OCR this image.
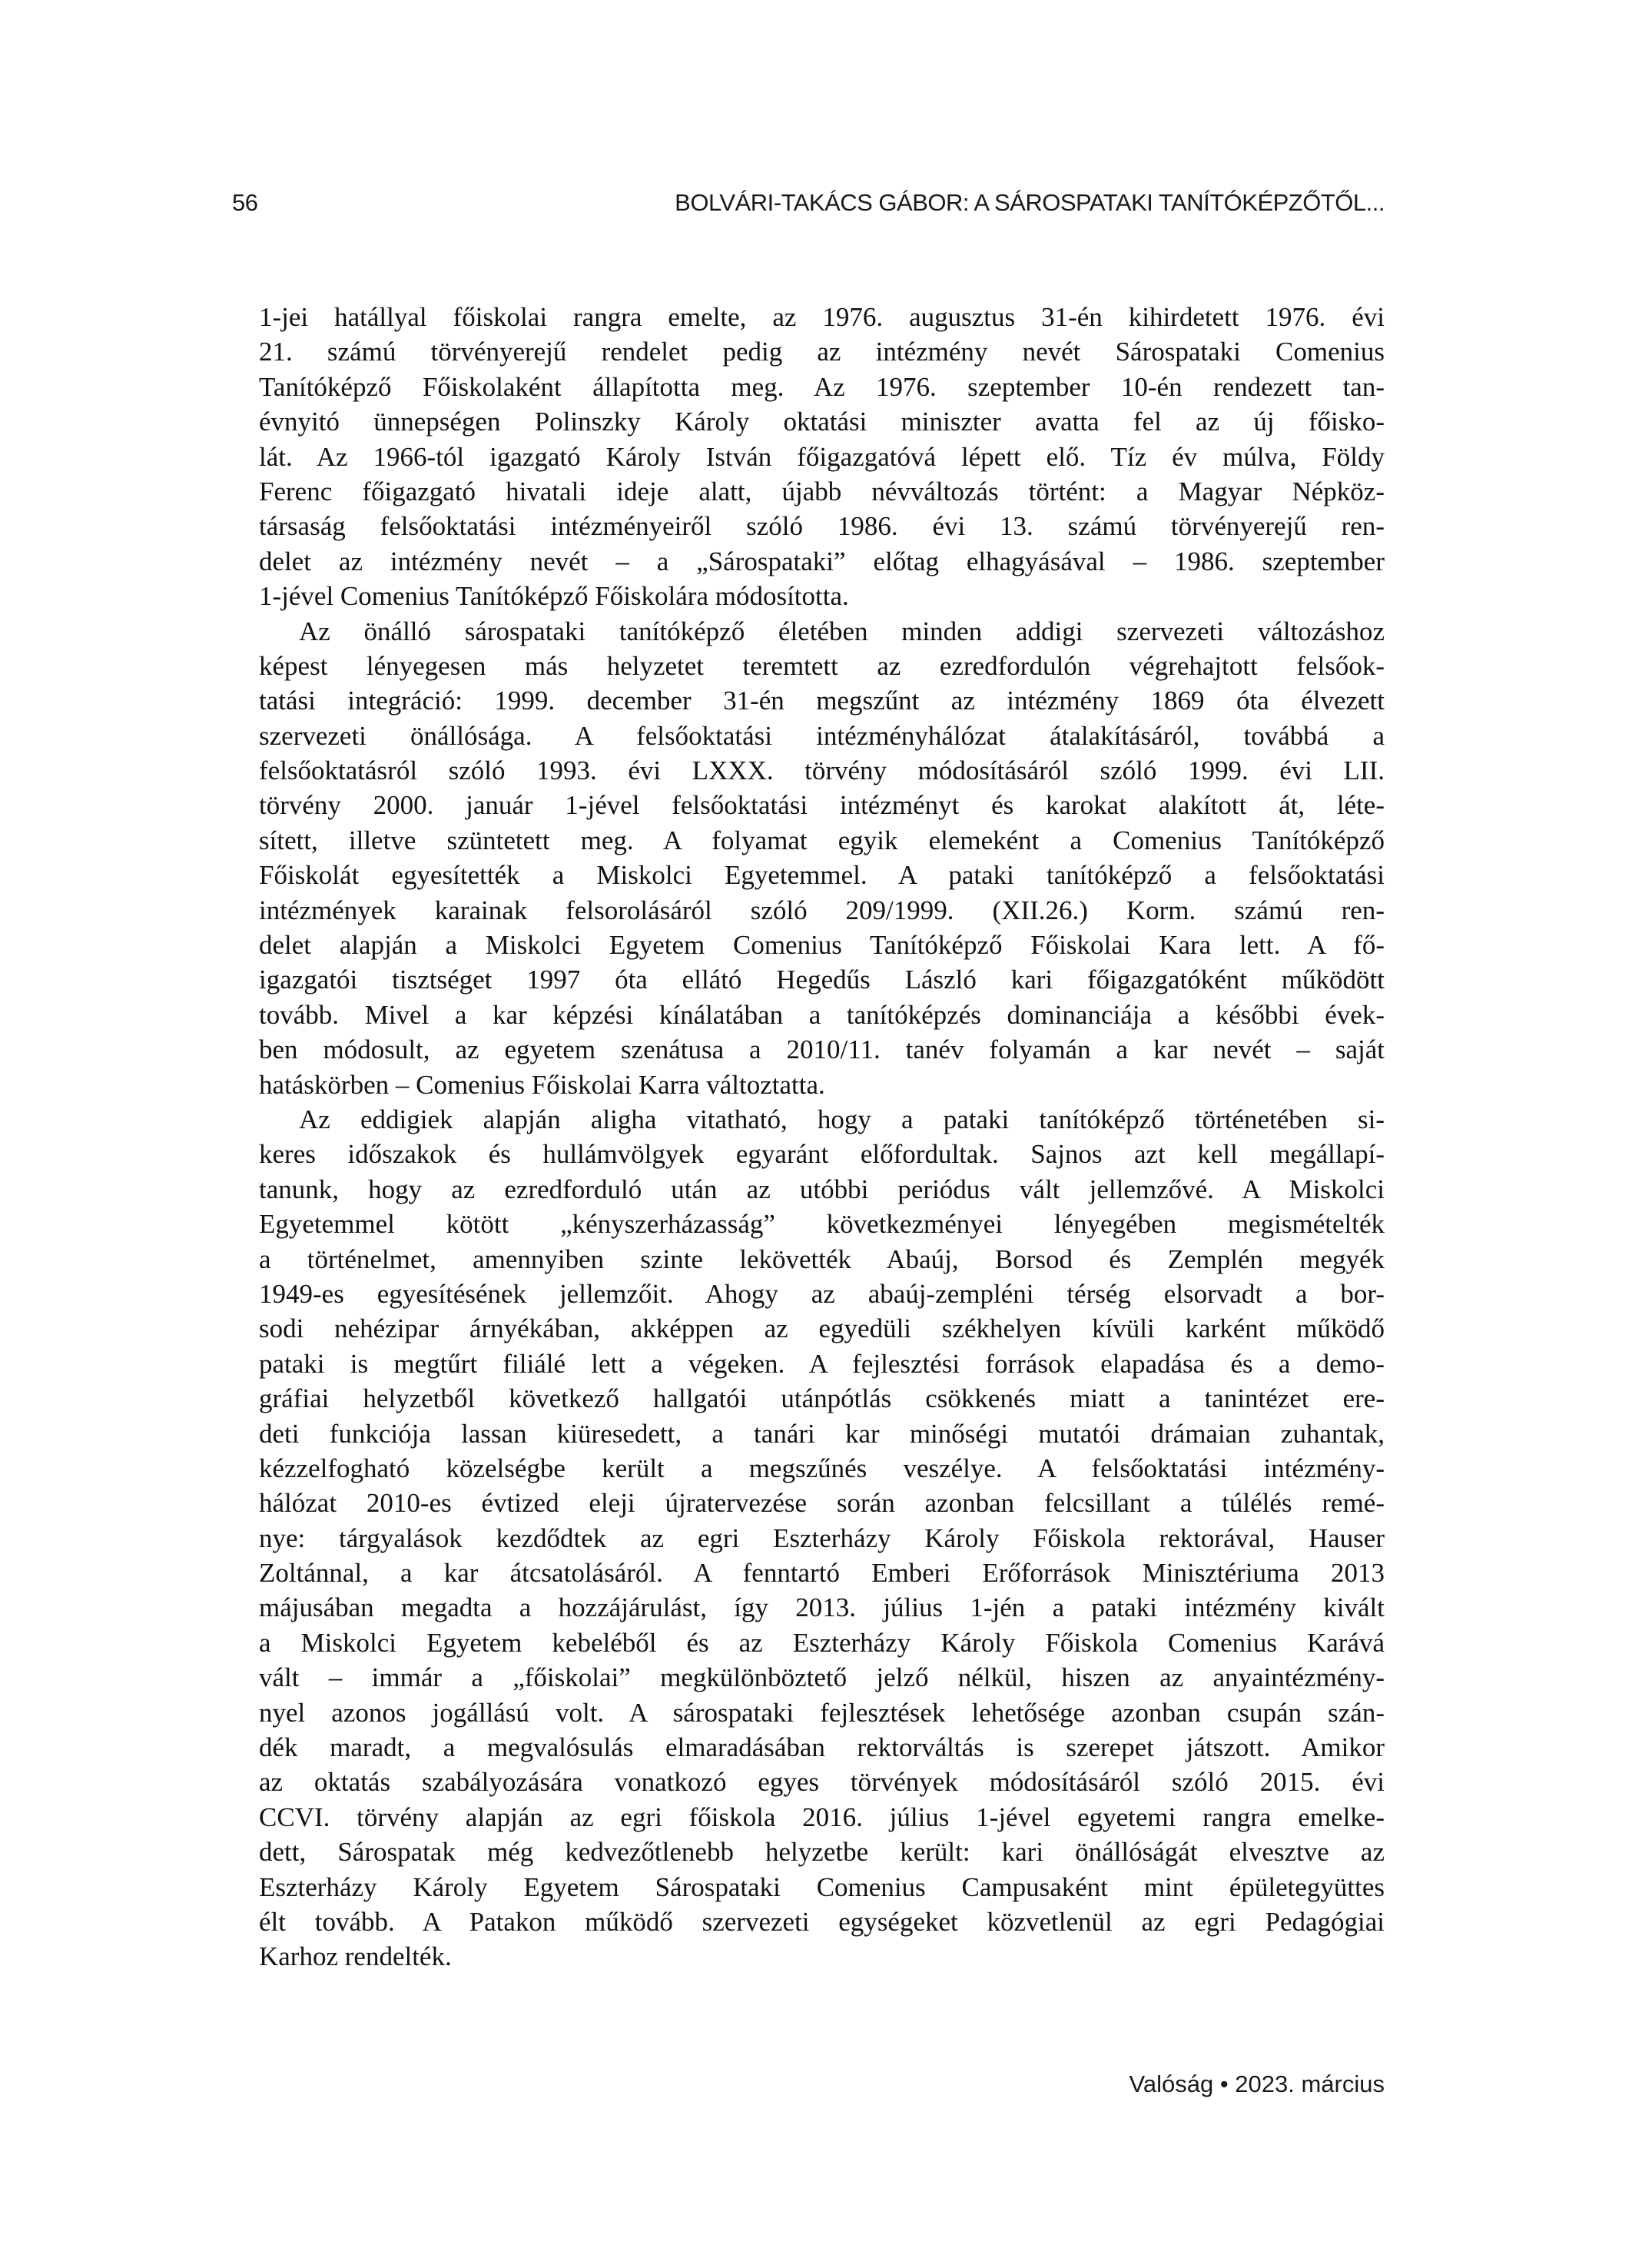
56	BOLVÁRI-TAKÁCS GÁBOR: A SÁROSPATAKI TANÍTÓKÉPZŐTŐL...
1-jei hatállyal főiskolai rangra emelte, az 1976. augusztus 31-én kihirdetett 1976. évi
21. számú törvényerejű rendelet pedig az intézmény nevét Sárospataki Comenius
Tanítóképző Főiskolaként állapította meg. Az 1976. szeptember 10-én rendezett tan-
évnyitó ünnepségen Polinszky Károly oktatási miniszter avatta fel az új főisko-
lát. Az 1966-tól igazgató Károly István főigazgatóvá lépett elő. Tíz év múlva, Földy
Ferenc főigazgató hivatali ideje alatt, újabb névváltozás történt: a Magyar Népköz-
társaság felsőoktatási intézményeiről szóló 1986. évi 13. számú törvényerejű ren-
delet az intézmény nevét – a „Sárospataki” előtag elhagyásával – 1986. szeptember
1-jével Comenius Tanítóképző Főiskolára módosította.
Az önálló sárospataki tanítóképző életében minden addigi szervezeti változáshoz
képest lényegesen más helyzetet teremtett az ezredfordulón végrehajtott felsőok-
tatási integráció: 1999. december 31-én megszűnt az intézmény 1869 óta élvezett
szervezeti önállósága. A felsőoktatási intézményhálózat átalakításáról, továbbá a
felsőoktatásról szóló 1993. évi LXXX. törvény módosításáról szóló 1999. évi LII.
törvény 2000. január 1-jével felsőoktatási intézményt és karokat alakított át, léte-
sített, illetve szüntetett meg. A folyamat egyik elemeként a Comenius Tanítóképző
Főiskolát egyesítették a Miskolci Egyetemmel. A pataki tanítóképző a felsőoktatási
intézmények karainak felsorolásáról szóló 209/1999. (XII.26.) Korm. számú ren-
delet alapján a Miskolci Egyetem Comenius Tanítóképző Főiskolai Kara lett. A fő-
igazgatói tisztséget 1997 óta ellátó Hegedűs László kari főigazgatóként működött
tovább. Mivel a kar képzési kínálatában a tanítóképzés dominanciája a későbbi évek-
ben módosult, az egyetem szenátusa a 2010/11. tanév folyamán a kar nevét – saját
hatáskörben – Comenius Főiskolai Karra változtatta.
Az eddigiek alapján aligha vitatható, hogy a pataki tanítóképző történetében si-
keres időszakok és hullámvölgyek egyaránt előfordultak. Sajnos azt kell megállapí-
tanunk, hogy az ezredforduló után az utóbbi periódus vált jellemzővé. A Miskolci
Egyetemmel kötött „kényszerházasság” következményei lényegében megismételték
a történelmet, amennyiben szinte lekövették Abaúj, Borsod és Zemplén megyék
1949-es egyesítésének jellemzőit. Ahogy az abaúj-zempléni térség elsorvadt a bor-
sodi nehézipar árnyékában, akképpen az egyedüli székhelyen kívüli karként működő
pataki is megtűrt filiálé lett a végeken. A fejlesztési források elapadása és a demo-
gráfiai helyzetből következő hallgatói utánpótlás csökkenés miatt a tanintézet ere-
deti funkciója lassan kiüresedett, a tanári kar minőségi mutatói drámaian zuhantak,
kézzelfogható közelségbe került a megszűnés veszélye. A felsőoktatási intézmény-
hálózat 2010-es évtized eleji újratervezése során azonban felcsillant a túlélés remé-
nye: tárgyalások kezdődtek az egri Eszterházy Károly Főiskola rektorával, Hauser
Zoltánnal, a kar átcsatolásáról. A fenntartó Emberi Erőforrások Minisztériuma 2013
májusában megadta a hozzájárulást, így 2013. július 1-jén a pataki intézmény kivált
a Miskolci Egyetem kebeléből és az Eszterházy Károly Főiskola Comenius Karává
vált – immár a „főiskolai” megkülönböztető jelző nélkül, hiszen az anyaintézmény-
nyel azonos jogállású volt. A sárospataki fejlesztések lehetősége azonban csupán szán-
dék maradt, a megvalósulás elmaradásában rektorváltás is szerepet játszott. Amikor
az oktatás szabályozására vonatkozó egyes törvények módosításáról szóló 2015. évi
CCVI. törvény alapján az egri főiskola 2016. július 1-jével egyetemi rangra emelke-
dett, Sárospatak még kedvezőtlenebb helyzetbe került: kari önállóságát elvesztve az
Eszterházy Károly Egyetem Sárospataki Comenius Campusaként mint épületegyüttes
élt tovább. A Patakon működő szervezeti egységeket közvetlenül az egri Pedagógiai
Karhoz rendelték.
Valóság • 2023. március
